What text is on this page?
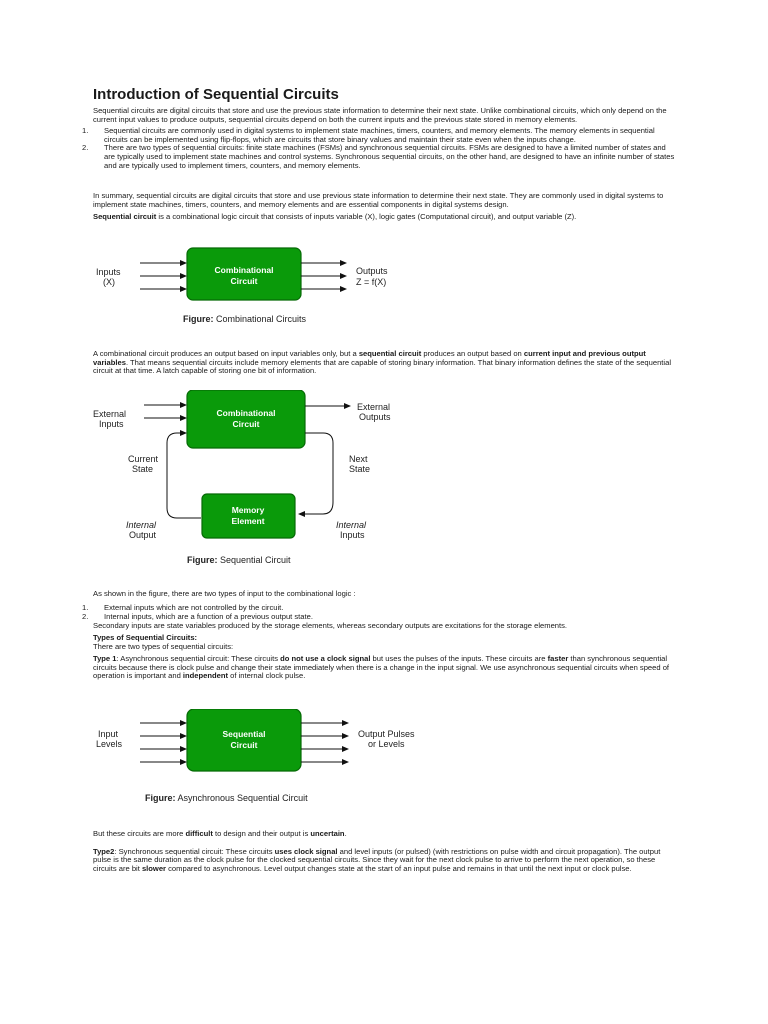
Introduction of Sequential Circuits

Sequential circuits are digital circuits that store and use the previous state information to determine their next state. Unlike combinational circuits, which only depend on the current input values to produce outputs, sequential circuits depend on both the current inputs and the previous state stored in memory elements.

1.	Sequential circuits are commonly used in digital systems to implement state machines, timers, counters, and memory elements. The memory elements in sequential circuits can be implemented using flip-flops, which are circuits that store binary values and maintain their state even when the inputs change.
2.	There are two types of sequential circuits: finite state machines (FSMs) and synchronous sequential circuits. FSMs are designed to have a limited number of states and are typically used to implement state machines and control systems. Synchronous sequential circuits, on the other hand, are designed to have an infinite number of states and are typically used to implement timers, counters, and memory elements.

In summary, sequential circuits are digital circuits that store and use previous state information to determine their next state. They are commonly used in digital systems to implement state machines, timers, counters, and memory elements and are essential components in digital systems design.

Sequential circuit is a combinational logic circuit that consists of inputs variable (X), logic gates (Computational circuit), and output variable (Z).

Inputs
(X)
Combinational
Circuit
Outputs
Z = f(X)
Figure: Combinational Circuits

A combinational circuit produces an output based on input variables only, but a sequential circuit produces an output based on current input and previous output variables. That means sequential circuits include memory elements that are capable of storing binary information. That binary information defines the state of the sequential circuit at that time. A latch capable of storing one bit of information.

External
Inputs
Combinational
Circuit
External
Outputs
Current
State
Next
State
Memory
Element
Internal
Output
Internal
Inputs
Figure: Sequential Circuit

As shown in the figure, there are two types of input to the combinational logic :

1.	External inputs which are not controlled by the circuit.
2.	Internal inputs, which are a function of a previous output state.

Secondary inputs are state variables produced by the storage elements, whereas secondary outputs are excitations for the storage elements.

Types of Sequential Circuits:

There are two types of sequential circuits:

Type 1: Asynchronous sequential circuit: These circuits do not use a clock signal but uses the pulses of the inputs. These circuits are faster than synchronous sequential circuits because there is clock pulse and change their state immediately when there is a change in the input signal. We use asynchronous sequential circuits when speed of operation is important and independent of internal clock pulse.

Input
Levels
Sequential
Circuit
Output Pulses
or Levels
Figure: Asynchronous Sequential Circuit

But these circuits are more difficult to design and their output is uncertain.

Type2: Synchronous sequential circuit: These circuits uses clock signal and level inputs (or pulsed) (with restrictions on pulse width and circuit propagation). The output pulse is the same duration as the clock pulse for the clocked sequential circuits. Since they wait for the next clock pulse to arrive to perform the next operation, so these circuits are bit slower compared to asynchronous. Level output changes state at the start of an input pulse and remains in that until the next input or clock pulse.
